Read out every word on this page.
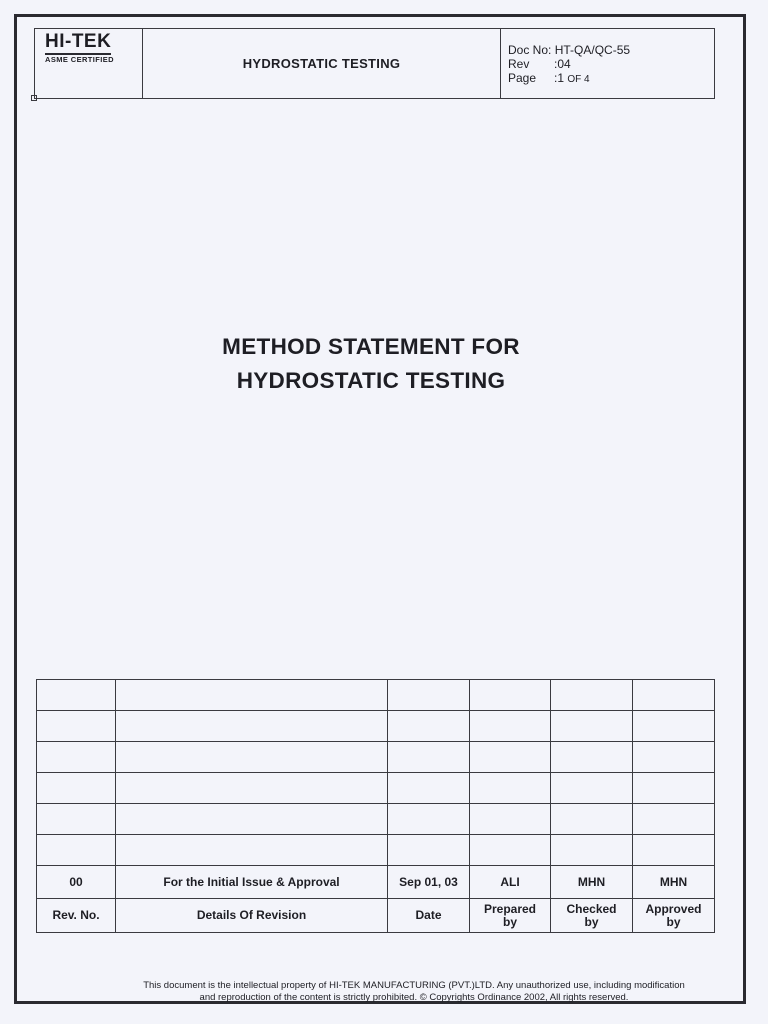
HI-TEK
ASME CERTIFIED	HYDROSTATIC TESTING
Doc No:
HT-QA/QC-55
Rev	:04
Page	:1 OF 4
METHOD STATEMENT FOR
HYDROSTATIC TESTING

00	For the Initial Issue & Approval	Sep 01, 03	ALI	MHN	MHN
Rev. No.	Details Of Revision	Date	Prepared by	Checked by	Approved by
This document is the intellectual property of HI-TEK MANUFACTURING (PVT.)LTD. Any unauthorized use, including modification
and reproduction of the content is strictly prohibited. © Copyrights Ordinance 2002, All rights reserved.
